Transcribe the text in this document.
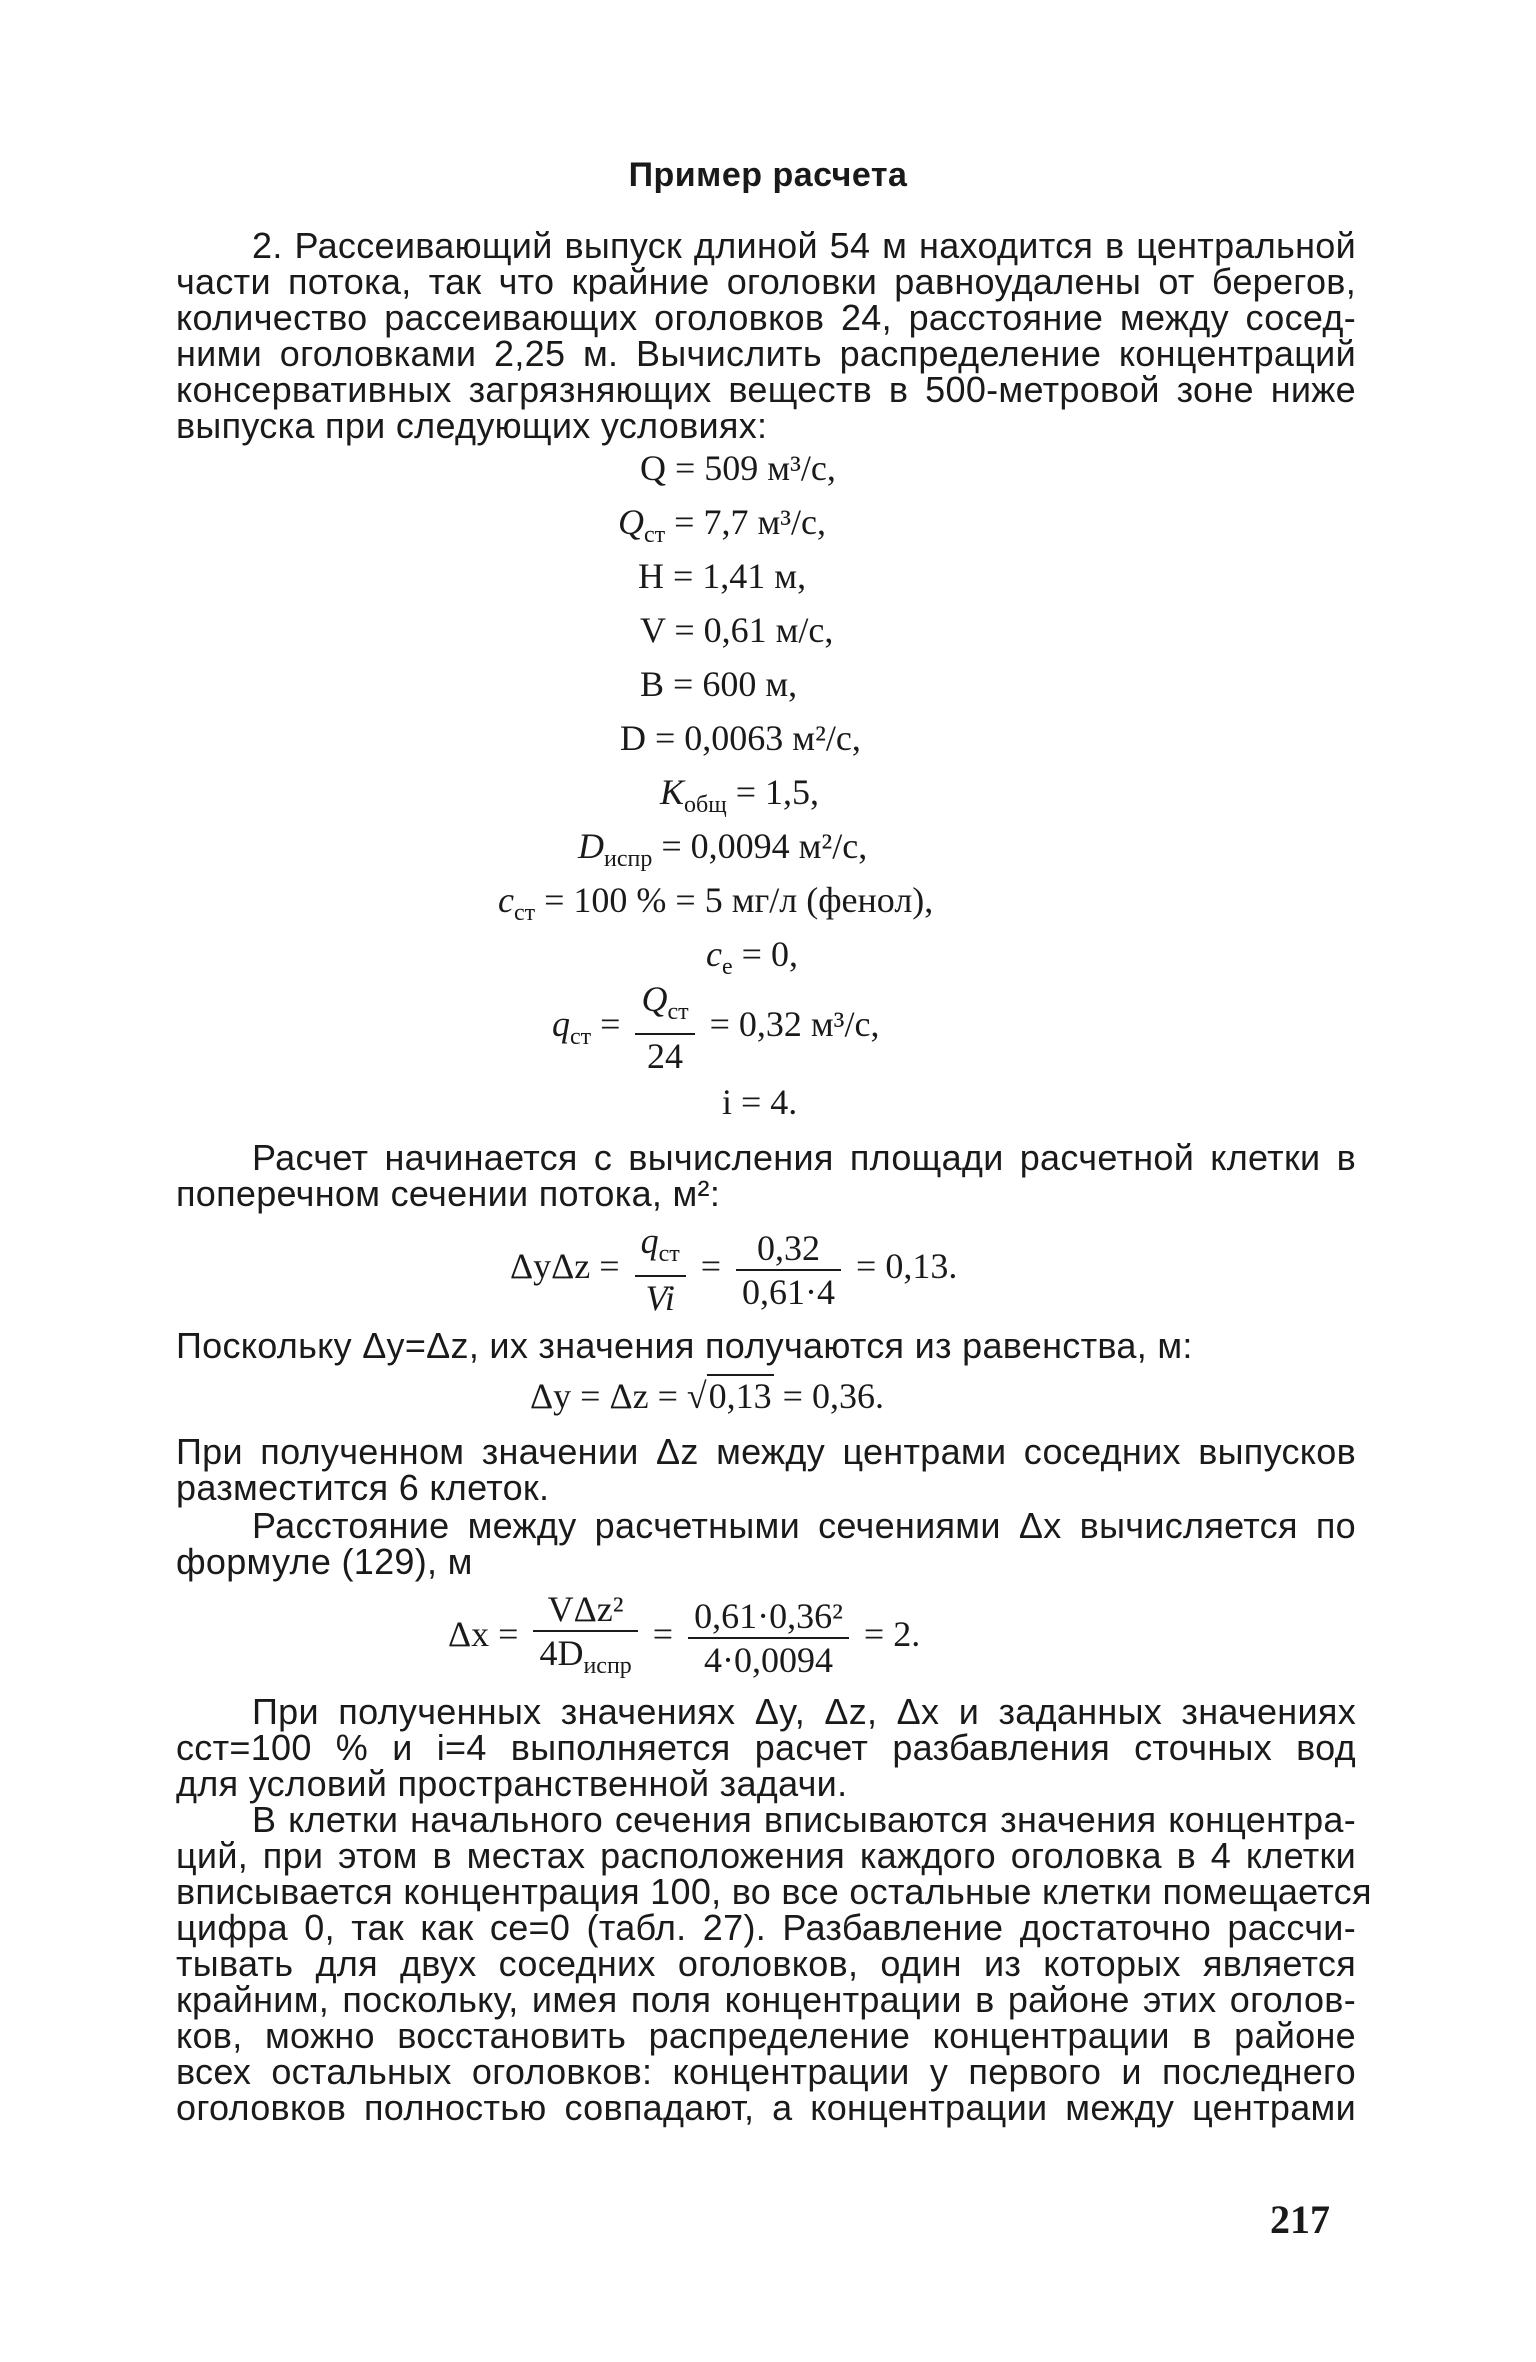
Пример расчета
2. Рассеивающий выпуск длиной 54 м находится в центральной
части потока, так что крайние оголовки равноудалены от берегов,
количество рассеивающих оголовков 24, расстояние между сосед-
ними оголовками 2,25 м. Вычислить распределение концентраций
консервативных загрязняющих веществ в 500-метровой зоне ниже
выпуска при следующих условиях:
Q = 509 м³/с,
$Q_{ст} = 7,7$ м³/с,
H = 1,41 м,
V = 0,61 м/с,
B = 600 м,
D = 0,0063 м²/с,
$K_{общ} = 1,5$,
$D_{испр} = 0,0094$ м²/с,
$c_{ст} = 100$ % = 5 мг/л (фенол),
$c_e = 0$,
$q_{ст} = \frac{Q_{ст}}{24} = 0,32$ м³/с,
i = 4.
Расчет начинается с вычисления площади расчетной клетки в
поперечном сечении потока, м²:
$\Delta y\Delta z = \frac{q_{ст}}{Vi} = \frac{0,32}{0,61\cdot 4} = 0,13$.
Поскольку Δy=Δz, их значения получаются из равенства, м:
Δy = Δz = √0,13 = 0,36.
При полученном значении Δz между центрами соседних выпусков
разместится 6 клеток.
Расстояние между расчетными сечениями Δx вычисляется по
формуле (129), м
$\Delta x = \frac{\text{VΔz²}}{4D_{испр}} = \frac{\text{0,61·0,36²}}{4\cdot 0,0094} = 2$.
При полученных значениях Δy, Δz, Δx и заданных значениях
cст=100 % и i=4 выполняется расчет разбавления сточных вод
для условий пространственной задачи.
В клетки начального сечения вписываются значения концентра-
ций, при этом в местах расположения каждого оголовка в 4 клетки
вписывается концентрация 100, во все остальные клетки помещается
цифра 0, так как ce=0 (табл. 27). Разбавление достаточно рассчи-
тывать для двух соседних оголовков, один из которых является
крайним, поскольку, имея поля концентрации в районе этих оголов-
ков, можно восстановить распределение концентрации в районе
всех остальных оголовков: концентрации у первого и последнего
оголовков полностью совпадают, а концентрации между центрами
217
